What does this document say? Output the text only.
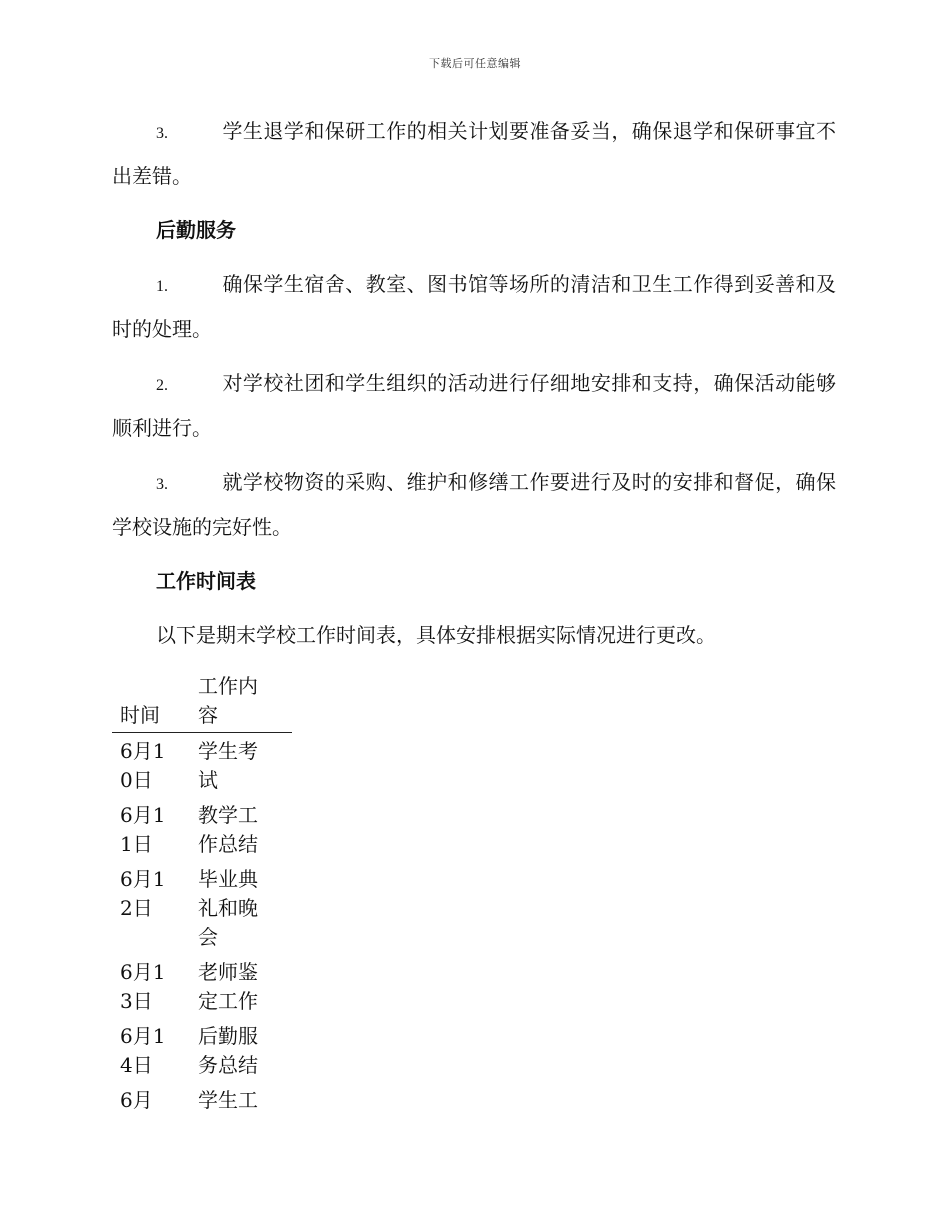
下载后可任意编辑

3.	学生退学和保研工作的相关计划要准备妥当，确保退学和保研事宜不出差错。

后勤服务

1.	确保学生宿舍、教室、图书馆等场所的清洁和卫生工作得到妥善和及时的处理。

2.	对学校社团和学生组织的活动进行仔细地安排和支持，确保活动能够顺利进行。

3.	就学校物资的采购、维护和修缮工作要进行及时的安排和督促，确保学校设施的完好性。

工作时间表

以下是期末学校工作时间表，具体安排根据实际情况进行更改。

时间	工作内容

6月10日	学生考试

6月11日	教学工作总结

6月12日	毕业典礼和晚会

6月13日	老师鉴定工作

6月14日	后勤服务总结

6月	学生工
